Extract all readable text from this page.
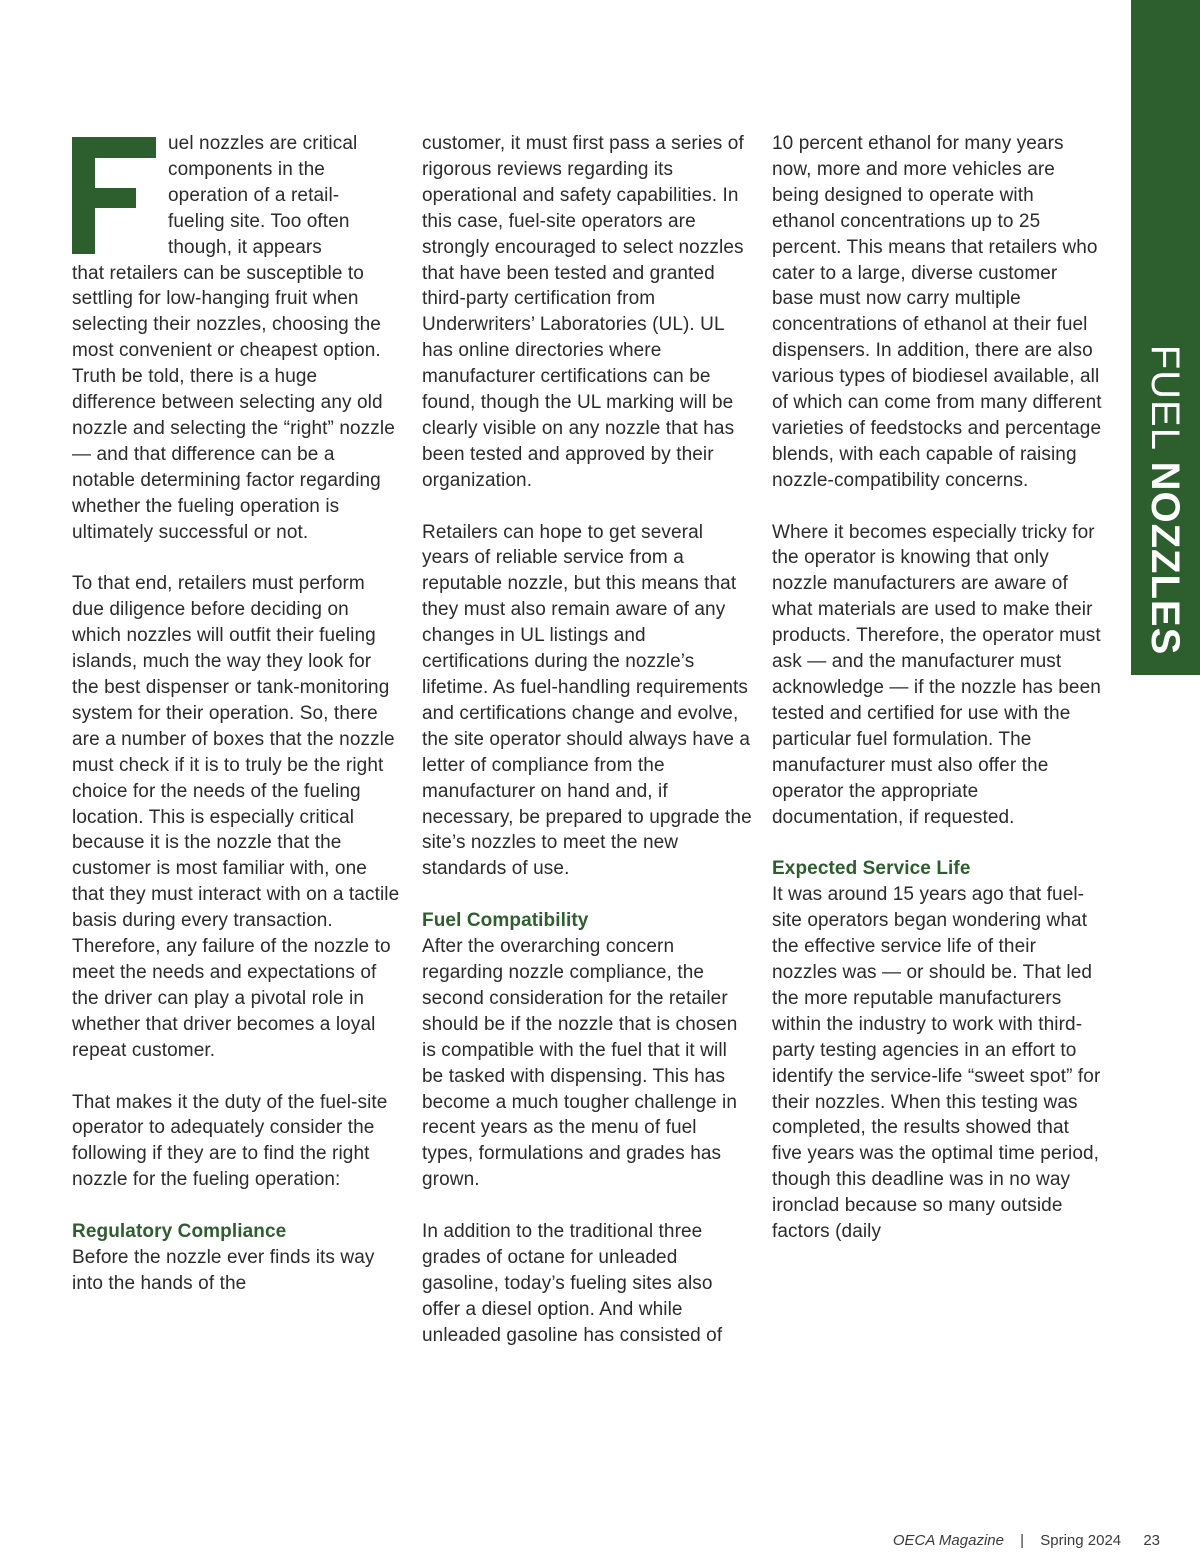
uel nozzles are critical
components in the
operation of a retail-
fueling site. Too often
though, it appears

that retailers can be susceptible to settling for low-hanging fruit when selecting their nozzles, choosing the most convenient or cheapest option. Truth be told, there is a huge difference between selecting any old nozzle and selecting the “right” nozzle — and that difference can be a notable determining factor regarding whether the fueling operation is ultimately successful or not.

To that end, retailers must perform due diligence before deciding on which nozzles will outfit their fueling islands, much the way they look for the best dispenser or tank-monitoring system for their operation. So, there are a number of boxes that the nozzle must check if it is to truly be the right choice for the needs of the fueling location. This is especially critical because it is the nozzle that the customer is most familiar with, one that they must interact with on a tactile basis during every transaction. Therefore, any failure of the nozzle to meet the needs and expectations of the driver can play a pivotal role in whether that driver becomes a loyal repeat customer.

That makes it the duty of the fuel-site operator to adequately consider the following if they are to find the right nozzle for the fueling operation:

Regulatory Compliance

Before the nozzle ever finds its way into the hands of the

customer, it must first pass a series of rigorous reviews regarding its operational and safety capabilities. In this case, fuel-site operators are strongly encouraged to select nozzles that have been tested and granted third-party certification from Underwriters’ Laboratories (UL). UL has online directories where manufacturer certifications can be found, though the UL marking will be clearly visible on any nozzle that has been tested and approved by their organization.

Retailers can hope to get several years of reliable service from a reputable nozzle, but this means that they must also remain aware of any changes in UL listings and certifications during the nozzle’s lifetime. As fuel-handling requirements and certifications change and evolve, the site operator should always have a letter of compliance from the manufacturer on hand and, if necessary, be prepared to upgrade the site’s nozzles to meet the new standards of use.

Fuel Compatibility

After the overarching concern regarding nozzle compliance, the second consideration for the retailer should be if the nozzle that is chosen is compatible with the fuel that it will be tasked with dispensing. This has become a much tougher challenge in recent years as the menu of fuel types, formulations and grades has grown.

In addition to the traditional three grades of octane for unleaded gasoline, today’s fueling sites also offer a diesel option. And while unleaded gasoline has consisted of

10 percent ethanol for many years now, more and more vehicles are being designed to operate with ethanol concentrations up to 25 percent. This means that retailers who cater to a large, diverse customer base must now carry multiple concentrations of ethanol at their fuel dispensers. In addition, there are also various types of biodiesel available, all of which can come from many different varieties of feedstocks and percentage blends, with each capable of raising nozzle-compatibility concerns.

Where it becomes especially tricky for the operator is knowing that only nozzle manufacturers are aware of what materials are used to make their products. Therefore, the operator must ask — and the manufacturer must acknowledge — if the nozzle has been tested and certified for use with the particular fuel formulation. The manufacturer must also offer the operator the appropriate documentation, if requested.

Expected Service Life

It was around 15 years ago that fuel-site operators began wondering what the effective service life of their nozzles was — or should be. That led the more reputable manufacturers within the industry to work with third-party testing agencies in an effort to identify the service-life “sweet spot” for their nozzles. When this testing was completed, the results showed that five years was the optimal time period, though this deadline was in no way ironclad because so many outside factors (daily

FUEL NOZZLES
OECA Magazine | Spring 2024 23
